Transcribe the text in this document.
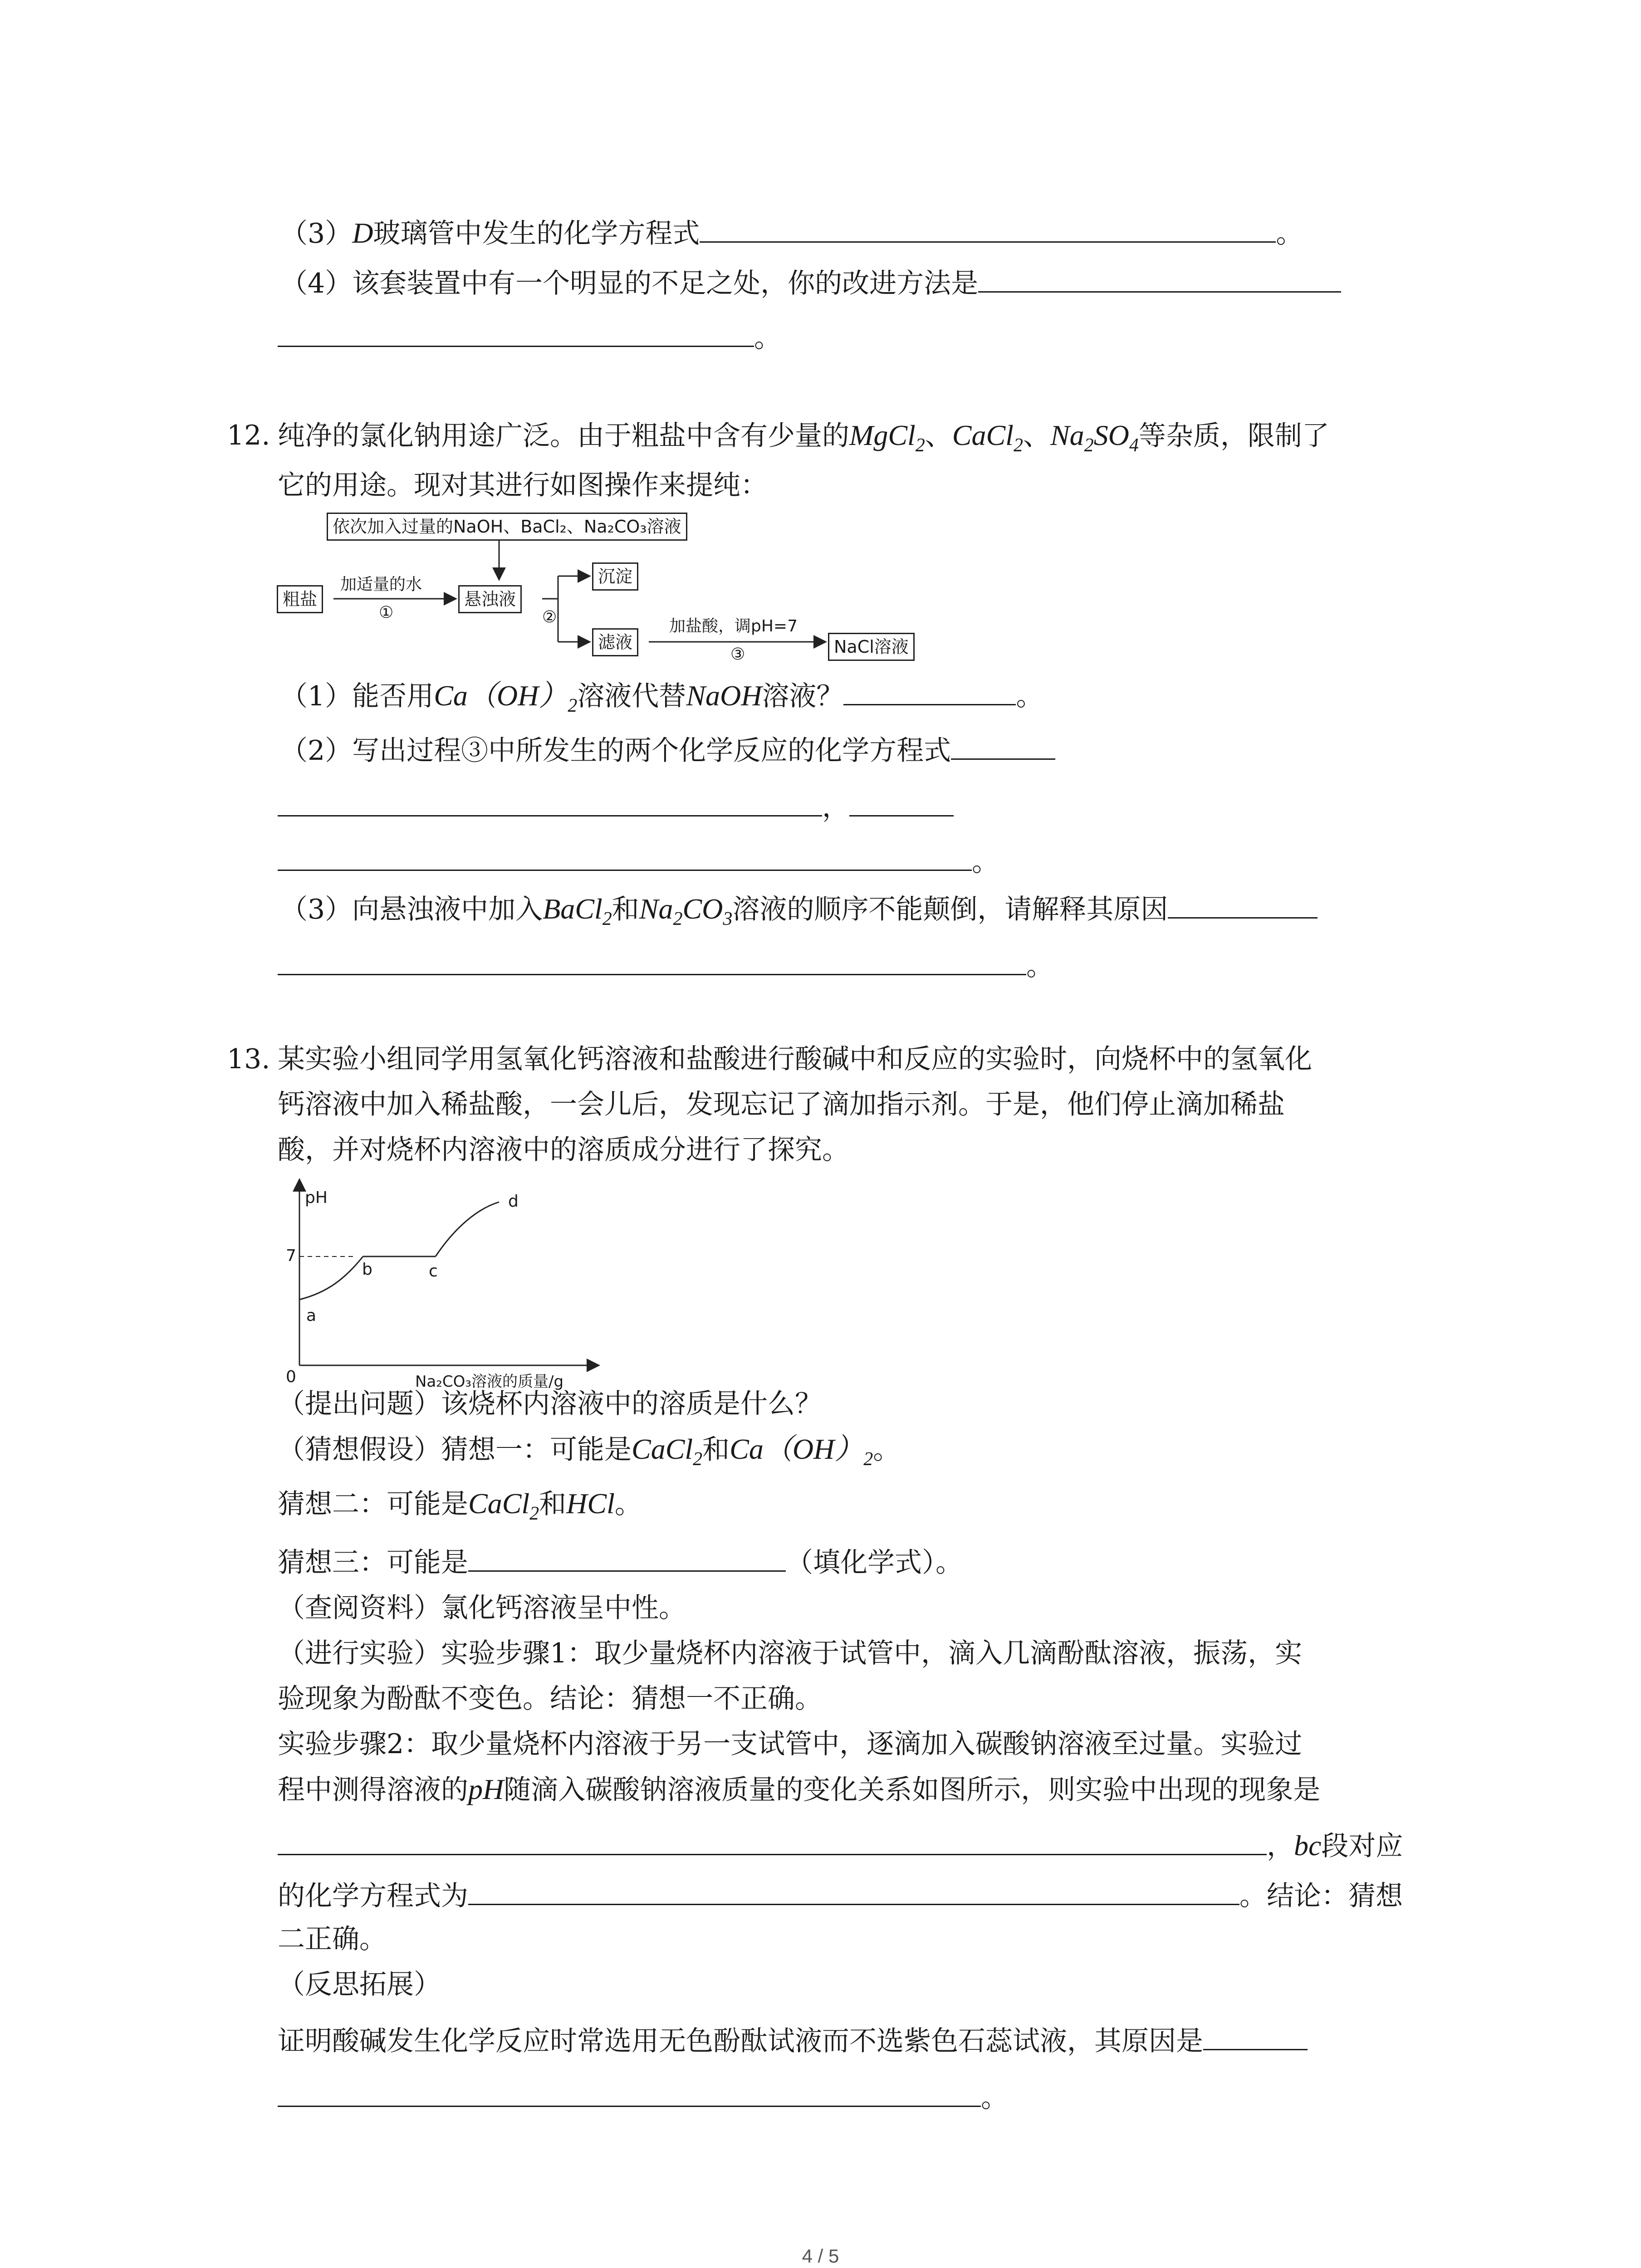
（3）D玻璃管中发生的化学方程式	。
（4）该套装置中有一个明显的不足之处，你的改进方法是
。
12. 纯净的氯化钠用途广泛。由于粗盐中含有少量的MgCl$_2$、CaCl$_2$、$Na_2SO_4$等杂质，限制了
它的用途。现对其进行如图操作来提纯：
依次加入过量的NaOH、BaCl₂、Na₂CO₃溶液
粗盐
加适量的水
①
悬浊液
②
沉淀
滤液
加盐酸，调pH=7
③	NaCl溶液
（1）能否用$Ca(OH)_2$溶液代替NaOH溶液？	。
（2）写出过程③中所发生的两个化学反应的化学方程式
，
。
（3）向悬浊液中加入BaCl$_2$和$Na_2CO_3$溶液的顺序不能颠倒，请解释其原因
。
13. 某实验小组同学用氢氧化钙溶液和盐酸进行酸碱中和反应的实验时，向烧杯中的氢氧化
钙溶液中加入稀盐酸，一会儿后，发现忘记了滴加指示剂。于是，他们停止滴加稀盐
酸，并对烧杯内溶液中的溶质成分进行了探究。
pH
7
0
a
b	c
d
Na₂CO₃溶液的质量/g
（提出问题）该烧杯内溶液中的溶质是什么？
（猜想假设）猜想一：可能是CaCl$_2$和$Ca(OH)_2$。
猜想二：可能是CaCl$_2$和HCl。
猜想三：可能是	（填化学式）。
（查阅资料）氯化钙溶液呈中性。
（进行实验）实验步骤1：取少量烧杯内溶液于试管中，滴入几滴酚酞溶液，振荡，实
验现象为酚酞不变色。结论：猜想一不正确。
实验步骤2：取少量烧杯内溶液于另一支试管中，逐滴加入碳酸钠溶液至过量。实验过
程中测得溶液的pH随滴入碳酸钠溶液质量的变化关系如图所示，则实验中出现的现象是
，bc段对应
的化学方程式为	。结论：猜想
二正确。
（反思拓展）
证明酸碱发生化学反应时常选用无色酚酞试液而不选紫色石蕊试液，其原因是
。
4 / 5
